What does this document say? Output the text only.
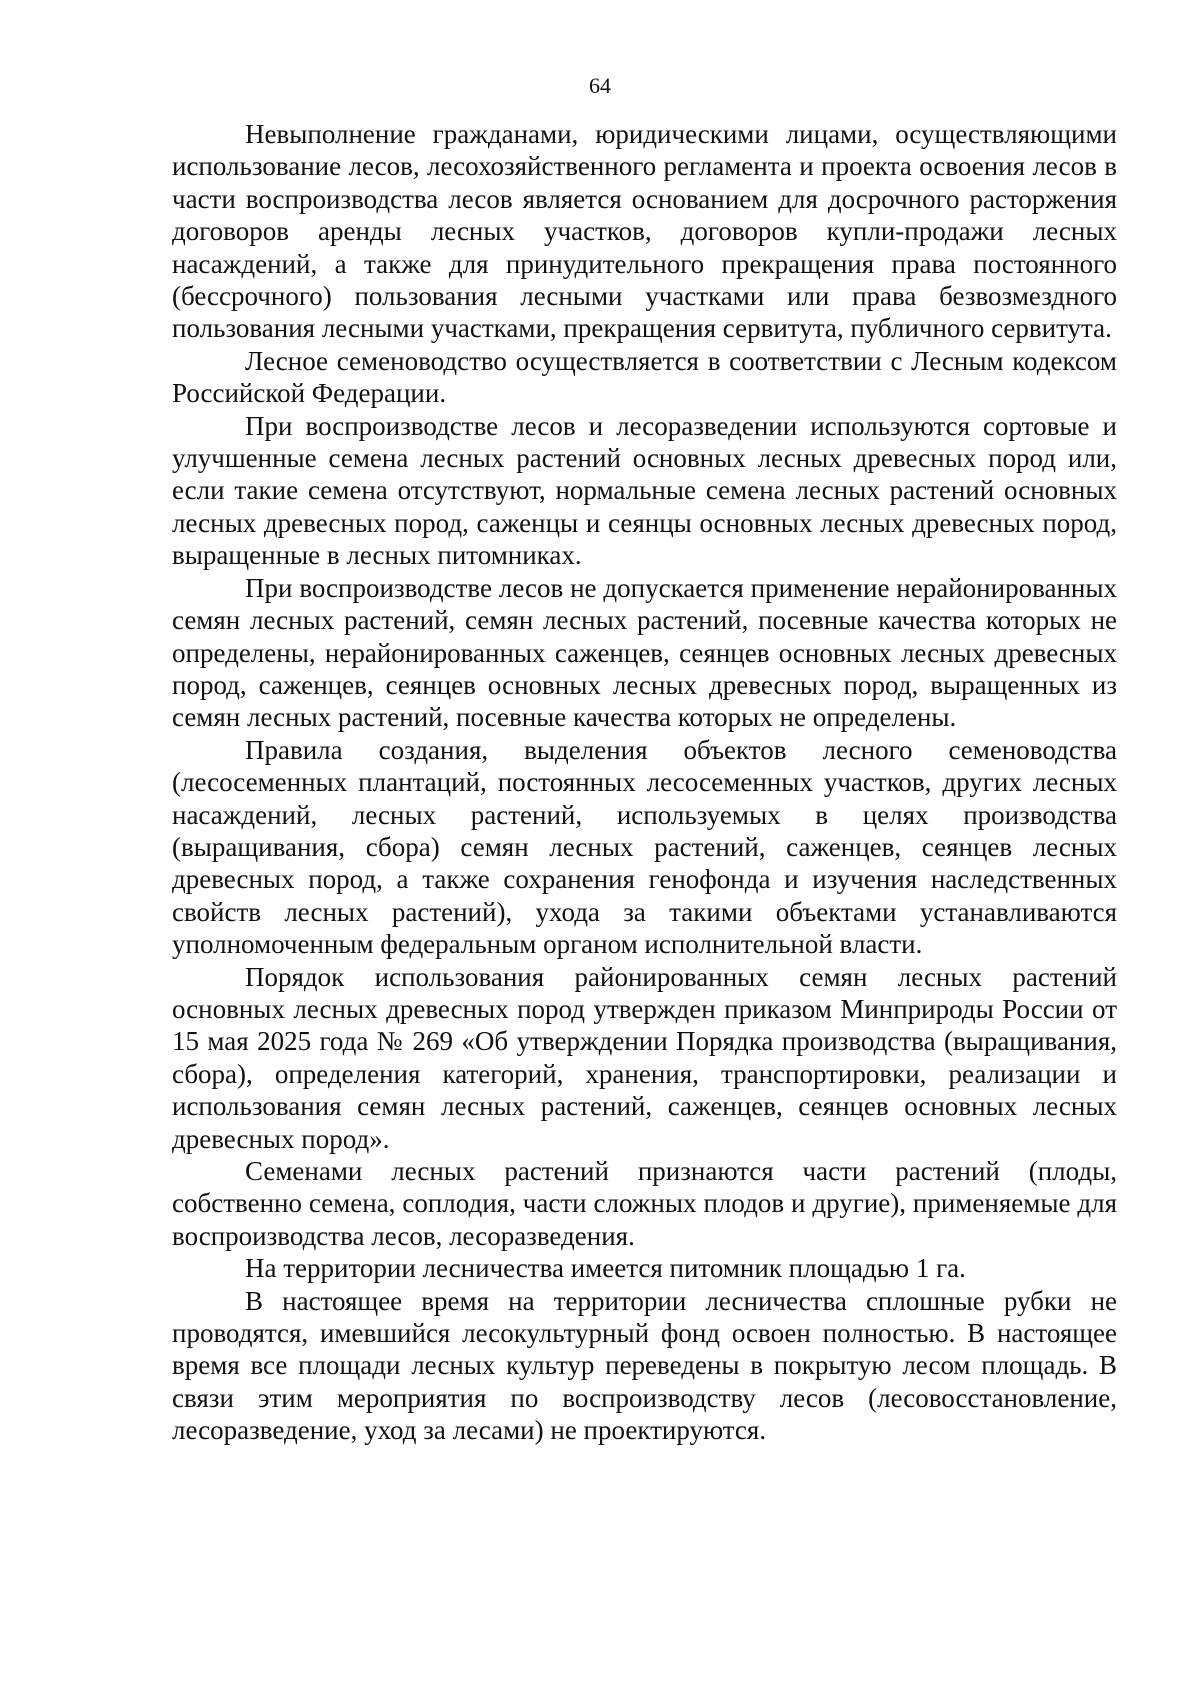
64

Невыполнение гражданами, юридическими лицами, осуществляющими использование лесов, лесохозяйственного регламента и проекта освоения лесов в части воспроизводства лесов является основанием для досрочного расторжения договоров аренды лесных участков, договоров купли-продажи лесных насаждений, а также для принудительного прекращения права постоянного (бессрочного) пользования лесными участками или права безвозмездного пользования лесными участками, прекращения сервитута, публичного сервитута.

Лесное семеноводство осуществляется в соответствии с Лесным кодексом Российской Федерации.

При воспроизводстве лесов и лесоразведении используются сортовые и улучшенные семена лесных растений основных лесных древесных пород или, если такие семена отсутствуют, нормальные семена лесных растений основных лесных древесных пород, саженцы и сеянцы основных лесных древесных пород, выращенные в лесных питомниках.

При воспроизводстве лесов не допускается применение нерайонированных семян лесных растений, семян лесных растений, посевные качества которых не определены, нерайонированных саженцев, сеянцев основных лесных древесных пород, саженцев, сеянцев основных лесных древесных пород, выращенных из семян лесных растений, посевные качества которых не определены.

Правила создания, выделения объектов лесного семеноводства (лесосеменных плантаций, постоянных лесосеменных участков, других лесных насаждений, лесных растений, используемых в целях производства (выращивания, сбора) семян лесных растений, саженцев, сеянцев лесных древесных пород, а также сохранения генофонда и изучения наследственных свойств лесных растений), ухода за такими объектами устанавливаются уполномоченным федеральным органом исполнительной власти.

Порядок использования районированных семян лесных растений основных лесных древесных пород утвержден приказом Минприроды России от 15 мая 2025 года № 269 «Об утверждении Порядка производства (выращивания, сбора), определения категорий, хранения, транспортировки, реализации и использования семян лесных растений, саженцев, сеянцев основных лесных древесных пород».

Семенами лесных растений признаются части растений (плоды, собственно семена, соплодия, части сложных плодов и другие), применяемые для воспроизводства лесов, лесоразведения.

На территории лесничества имеется питомник площадью 1 га.

В настоящее время на территории лесничества сплошные рубки не проводятся, имевшийся лесокультурный фонд освоен полностью. В настоящее время все площади лесных культур переведены в покрытую лесом площадь. В связи этим мероприятия по воспроизводству лесов (лесовосстановление, лесоразведение, уход за лесами) не проектируются.
